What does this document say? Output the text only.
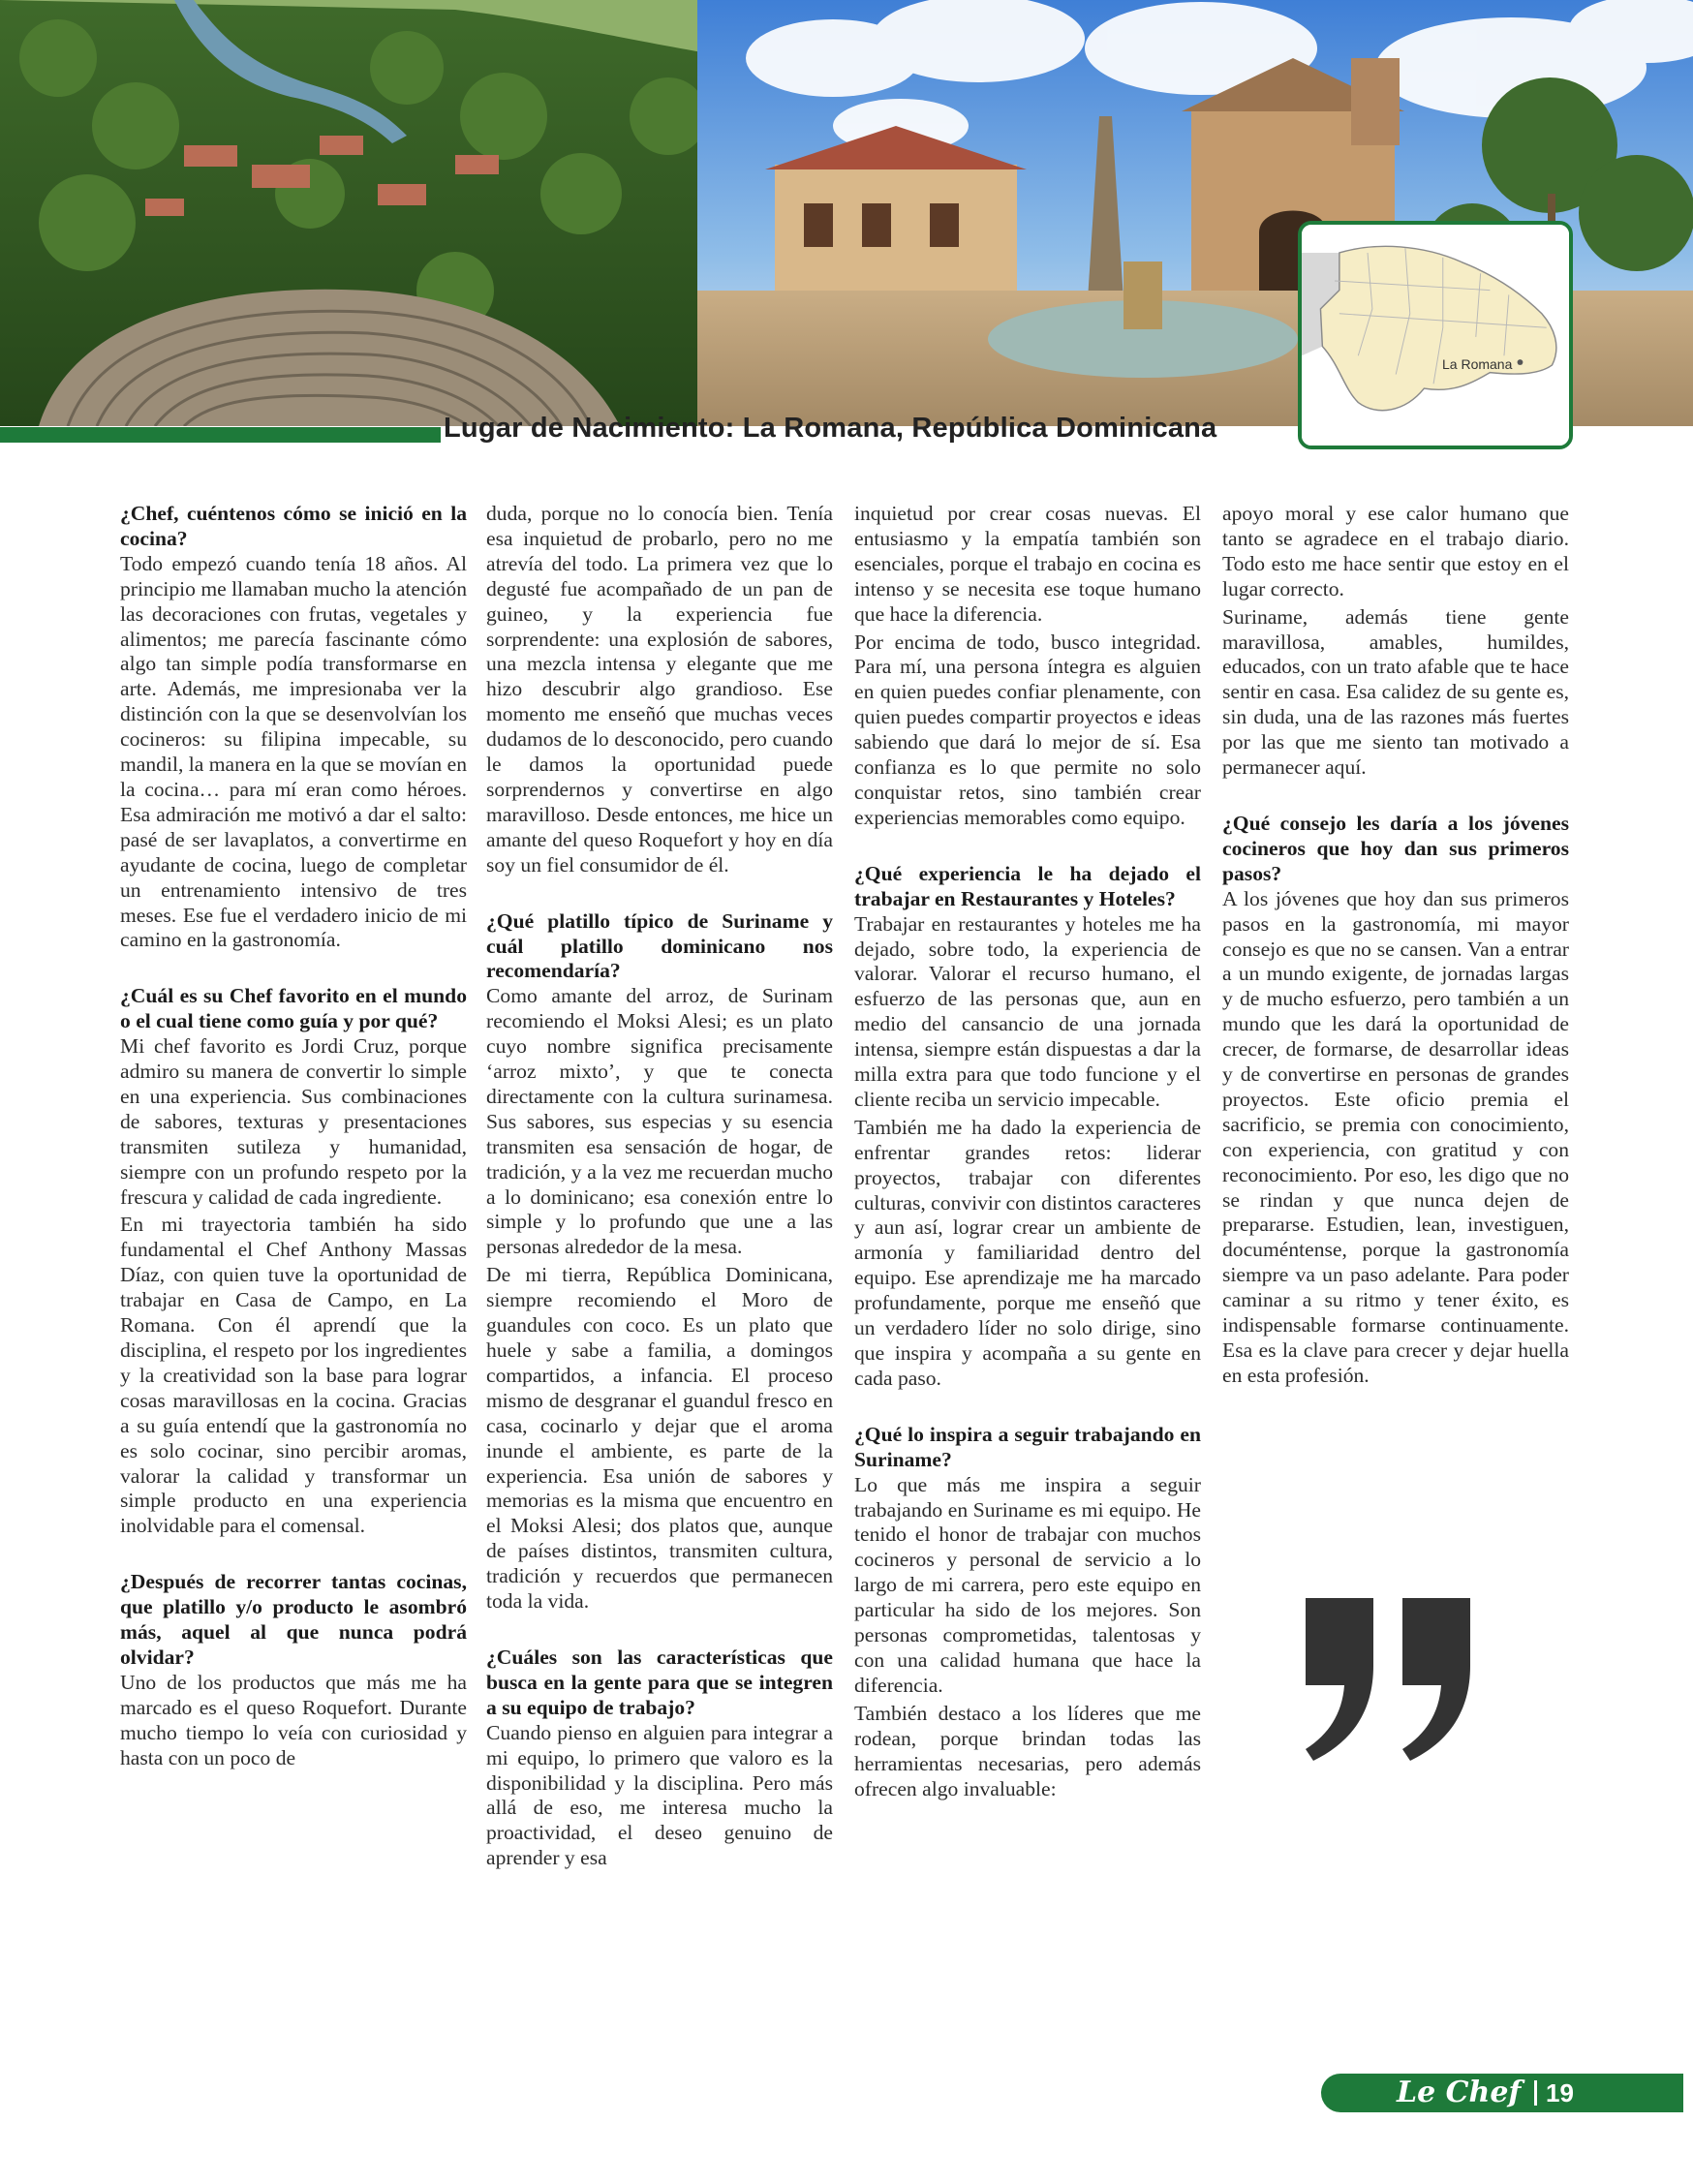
Lugar de Nacimiento: La Romana, República Dominicana
La Romana

¿Chef, cuéntenos cómo se inició en la cocina?

Todo empezó cuando tenía 18 años. Al principio me llamaban mucho la atención las decoraciones con frutas, vegetales y alimentos; me parecía fascinante cómo algo tan simple podía transformarse en arte. Además, me impresionaba ver la distinción con la que se desenvolvían los cocineros: su filipina impecable, su mandil, la manera en la que se movían en la cocina… para mí eran como héroes. Esa admiración me motivó a dar el salto: pasé de ser lavaplatos, a convertirme en ayudante de cocina, luego de completar un entrenamiento intensivo de tres meses. Ese fue el verdadero inicio de mi camino en la gastronomía.

¿Cuál es su Chef favorito en el mundo o el cual tiene como guía y por qué?

Mi chef favorito es Jordi Cruz, porque admiro su manera de convertir lo simple en una experiencia. Sus combinaciones de sabores, texturas y presentaciones transmiten sutileza y humanidad, siempre con un profundo respeto por la frescura y calidad de cada ingrediente.

En mi trayectoria también ha sido fundamental el Chef Anthony Massas Díaz, con quien tuve la oportunidad de trabajar en Casa de Campo, en La Romana. Con él aprendí que la disciplina, el respeto por los ingredientes y la creatividad son la base para lograr cosas maravillosas en la cocina. Gracias a su guía entendí que la gastronomía no es solo cocinar, sino percibir aromas, valorar la calidad y transformar un simple producto en una experiencia inolvidable para el comensal.

¿Después de recorrer tantas cocinas, que platillo y/o producto le asombró más, aquel al que nunca podrá olvidar?

Uno de los productos que más me ha marcado es el queso Roquefort. Durante mucho tiempo lo veía con curiosidad y hasta con un poco de

duda, porque no lo conocía bien. Tenía esa inquietud de probarlo, pero no me atrevía del todo. La primera vez que lo degusté fue acompañado de un pan de guineo, y la experiencia fue sorprendente: una explosión de sabores, una mezcla intensa y elegante que me hizo descubrir algo grandioso. Ese momento me enseñó que muchas veces dudamos de lo desconocido, pero cuando le damos la oportunidad puede sorprendernos y convertirse en algo maravilloso. Desde entonces, me hice un amante del queso Roquefort y hoy en día soy un fiel consumidor de él.

¿Qué platillo típico de Suriname y cuál platillo dominicano nos recomendaría?

Como amante del arroz, de Surinam recomiendo el Moksi Alesi; es un plato cuyo nombre significa precisamente ‘arroz mixto’, y que te conecta directamente con la cultura surinamesa. Sus sabores, sus especias y su esencia transmiten esa sensación de hogar, de tradición, y a la vez me recuerdan mucho a lo dominicano; esa conexión entre lo simple y lo profundo que une a las personas alrededor de la mesa.

De mi tierra, República Dominicana, siempre recomiendo el Moro de guandules con coco. Es un plato que huele y sabe a familia, a domingos compartidos, a infancia. El proceso mismo de desgranar el guandul fresco en casa, cocinarlo y dejar que el aroma inunde el ambiente, es parte de la experiencia. Esa unión de sabores y memorias es la misma que encuentro en el Moksi Alesi; dos platos que, aunque de países distintos, transmiten cultura, tradición y recuerdos que permanecen toda la vida.

¿Cuáles son las características que busca en la gente para que se integren a su equipo de trabajo?

Cuando pienso en alguien para integrar a mi equipo, lo primero que valoro es la disponibilidad y la disciplina. Pero más allá de eso, me interesa mucho la proactividad, el deseo genuino de aprender y esa

inquietud por crear cosas nuevas. El entusiasmo y la empatía también son esenciales, porque el trabajo en cocina es intenso y se necesita ese toque humano que hace la diferencia.

Por encima de todo, busco integridad. Para mí, una persona íntegra es alguien en quien puedes confiar plenamente, con quien puedes compartir proyectos e ideas sabiendo que dará lo mejor de sí. Esa confianza es lo que permite no solo conquistar retos, sino también crear experiencias memorables como equipo.

¿Qué experiencia le ha dejado el trabajar en Restaurantes y Hoteles?

Trabajar en restaurantes y hoteles me ha dejado, sobre todo, la experiencia de valorar. Valorar el recurso humano, el esfuerzo de las personas que, aun en medio del cansancio de una jornada intensa, siempre están dispuestas a dar la milla extra para que todo funcione y el cliente reciba un servicio impecable.

También me ha dado la experiencia de enfrentar grandes retos: liderar proyectos, trabajar con diferentes culturas, convivir con distintos caracteres y aun así, lograr crear un ambiente de armonía y familiaridad dentro del equipo. Ese aprendizaje me ha marcado profundamente, porque me enseñó que un verdadero líder no solo dirige, sino que inspira y acompaña a su gente en cada paso.

¿Qué lo inspira a seguir trabajando en Suriname?

Lo que más me inspira a seguir trabajando en Suriname es mi equipo. He tenido el honor de trabajar con muchos cocineros y personal de servicio a lo largo de mi carrera, pero este equipo en particular ha sido de los mejores. Son personas comprometidas, talentosas y con una calidad humana que hace la diferencia.

También destaco a los líderes que me rodean, porque brindan todas las herramientas necesarias, pero además ofrecen algo invaluable:

apoyo moral y ese calor humano que tanto se agradece en el trabajo diario. Todo esto me hace sentir que estoy en el lugar correcto.

Suriname, además tiene gente maravillosa, amables, humildes, educados, con un trato afable que te hace sentir en casa. Esa calidez de su gente es, sin duda, una de las razones más fuertes por las que me siento tan motivado a permanecer aquí.

¿Qué consejo les daría a los jóvenes cocineros que hoy dan sus primeros pasos?

A los jóvenes que hoy dan sus primeros pasos en la gastronomía, mi mayor consejo es que no se cansen. Van a entrar a un mundo exigente, de jornadas largas y de mucho esfuerzo, pero también a un mundo que les dará la oportunidad de crecer, de formarse, de desarrollar ideas y de convertirse en personas de grandes proyectos. Este oficio premia el sacrificio, se premia con conocimiento, con experiencia, con gratitud y con reconocimiento. Por eso, les digo que no se rindan y que nunca dejen de prepararse. Estudien, lean, investiguen, documéntense, porque la gastronomía siempre va un paso adelante. Para poder caminar a su ritmo y tener éxito, es indispensable formarse continuamente. Esa es la clave para crecer y dejar huella en esta profesión.

Le Chef 19
